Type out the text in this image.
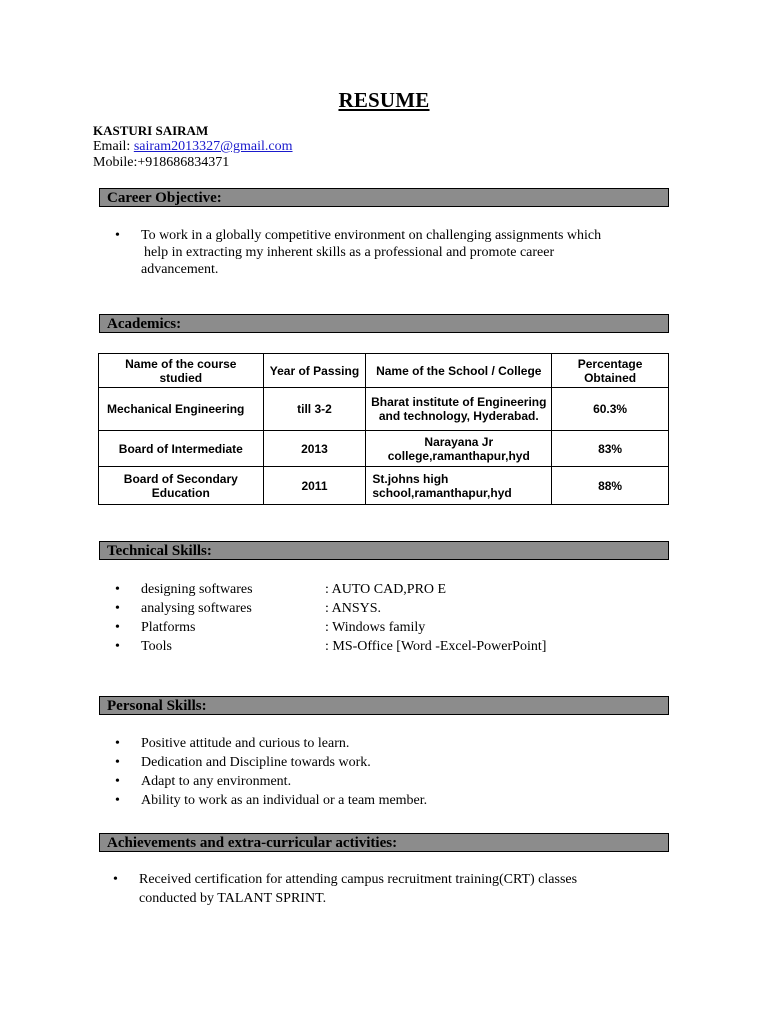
RESUME
KASTURI SAIRAM
Email: sairam2013327@gmail.com
Mobile:+918686834371
Career Objective:
• To work in a globally competitive environment on challenging assignments which
help in extracting my inherent skills as a professional and promote career
advancement.
Academics:
Name of the course studied	Year of Passing	Name of the School / College	Percentage Obtained
Mechanical Engineering	till 3-2	Bharat institute of Engineering and technology, Hyderabad.	60.3%
Board of Intermediate	2013	Narayana Jr college,ramanthapur,hyd	83%
Board of Secondary Education	2011	St.johns high school,ramanthapur,hyd	88%
Technical Skills:
• designing softwares	: AUTO CAD,PRO E
• analysing softwares	: ANSYS.
• Platforms	: Windows family
• Tools	: MS-Office [Word -Excel-PowerPoint]
Personal Skills:
• Positive attitude and curious to learn.
• Dedication and Discipline towards work.
• Adapt to any environment.
• Ability to work as an individual or a team member.
Achievements and extra-curricular activities:
• Received certification for attending campus recruitment training(CRT) classes
conducted by TALANT SPRINT.
